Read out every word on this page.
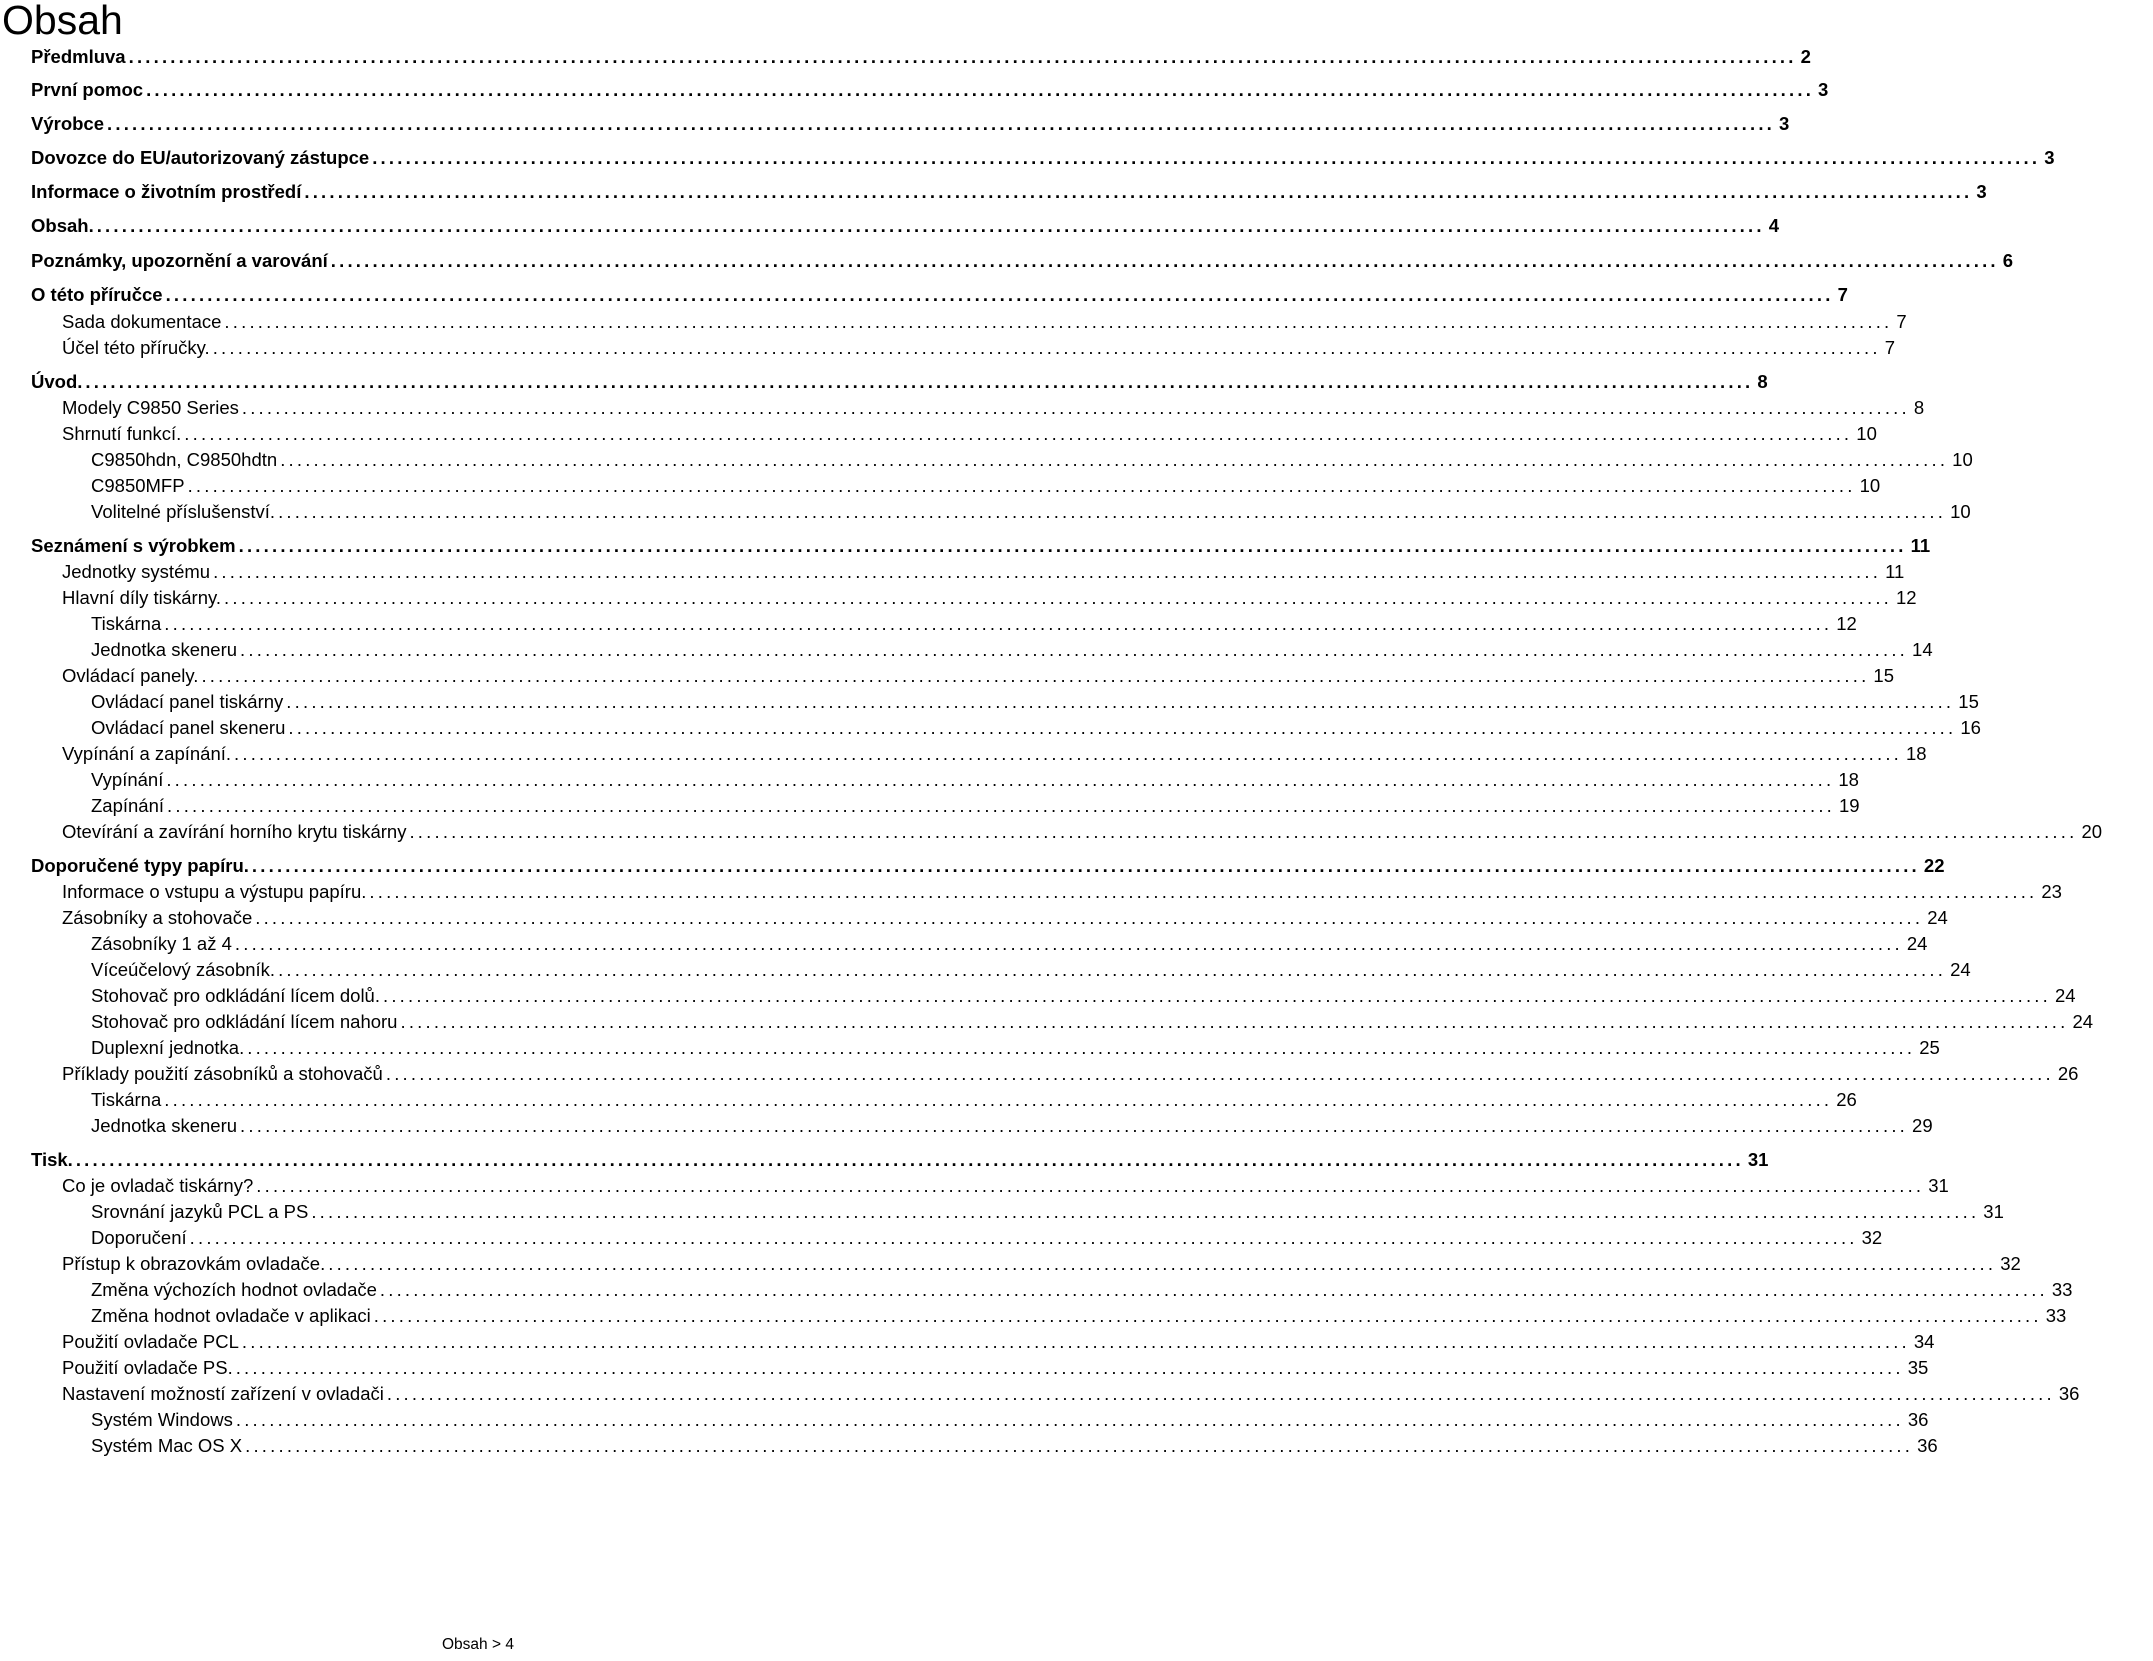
Obsah
Předmluva ........................................................................................................................................................................................................ 2
První pomoc ........................................................................................................................................................................................................ 3
Výrobce ........................................................................................................................................................................................................ 3
Dovozce do EU/autorizovaný zástupce ........................................................................................................................................................................................................ 3
Informace o životním prostředí ........................................................................................................................................................................................................ 3
Obsah. ........................................................................................................................................................................................................ 4
Poznámky, upozornění a varování ........................................................................................................................................................................................................ 6
O této příručce ........................................................................................................................................................................................................ 7
Sada dokumentace ........................................................................................................................................................................................................ 7
Účel této příručky. ........................................................................................................................................................................................................ 7
Úvod. ........................................................................................................................................................................................................ 8
Modely C9850 Series ........................................................................................................................................................................................................ 8
Shrnutí funkcí. ........................................................................................................................................................................................................ 10
C9850hdn, C9850hdtn ........................................................................................................................................................................................................ 10
C9850MFP ........................................................................................................................................................................................................ 10
Volitelné příslušenství. ........................................................................................................................................................................................................ 10
Seznámení s výrobkem ........................................................................................................................................................................................................ 11
Jednotky systému ........................................................................................................................................................................................................ 11
Hlavní díly tiskárny. ........................................................................................................................................................................................................ 12
Tiskárna ........................................................................................................................................................................................................ 12
Jednotka skeneru ........................................................................................................................................................................................................ 14
Ovládací panely. ........................................................................................................................................................................................................ 15
Ovládací panel tiskárny ........................................................................................................................................................................................................ 15
Ovládací panel skeneru ........................................................................................................................................................................................................ 16
Vypínání a zapínání. ........................................................................................................................................................................................................ 18
Vypínání ........................................................................................................................................................................................................ 18
Zapínání ........................................................................................................................................................................................................ 19
Otevírání a zavírání horního krytu tiskárny ........................................................................................................................................................................................................ 20
Doporučené typy papíru. ........................................................................................................................................................................................................ 22
Informace o vstupu a výstupu papíru. ........................................................................................................................................................................................................ 23
Zásobníky a stohovače ........................................................................................................................................................................................................ 24
Zásobníky 1 až 4 ........................................................................................................................................................................................................ 24
Víceúčelový zásobník. ........................................................................................................................................................................................................ 24
Stohovač pro odkládání lícem dolů. ........................................................................................................................................................................................................ 24
Stohovač pro odkládání lícem nahoru ........................................................................................................................................................................................................ 24
Duplexní jednotka. ........................................................................................................................................................................................................ 25
Příklady použití zásobníků a stohovačů ........................................................................................................................................................................................................ 26
Tiskárna ........................................................................................................................................................................................................ 26
Jednotka skeneru ........................................................................................................................................................................................................ 29
Tisk. ........................................................................................................................................................................................................ 31
Co je ovladač tiskárny? ........................................................................................................................................................................................................ 31
Srovnání jazyků PCL a PS ........................................................................................................................................................................................................ 31
Doporučení ........................................................................................................................................................................................................ 32
Přístup k obrazovkám ovladače. ........................................................................................................................................................................................................ 32
Změna výchozích hodnot ovladače ........................................................................................................................................................................................................ 33
Změna hodnot ovladače v aplikaci ........................................................................................................................................................................................................ 33
Použití ovladače PCL ........................................................................................................................................................................................................ 34
Použití ovladače PS. ........................................................................................................................................................................................................ 35
Nastavení možností zařízení v ovladači ........................................................................................................................................................................................................ 36
Systém Windows ........................................................................................................................................................................................................ 36
Systém Mac OS X ........................................................................................................................................................................................................ 36
Obsah > 4
